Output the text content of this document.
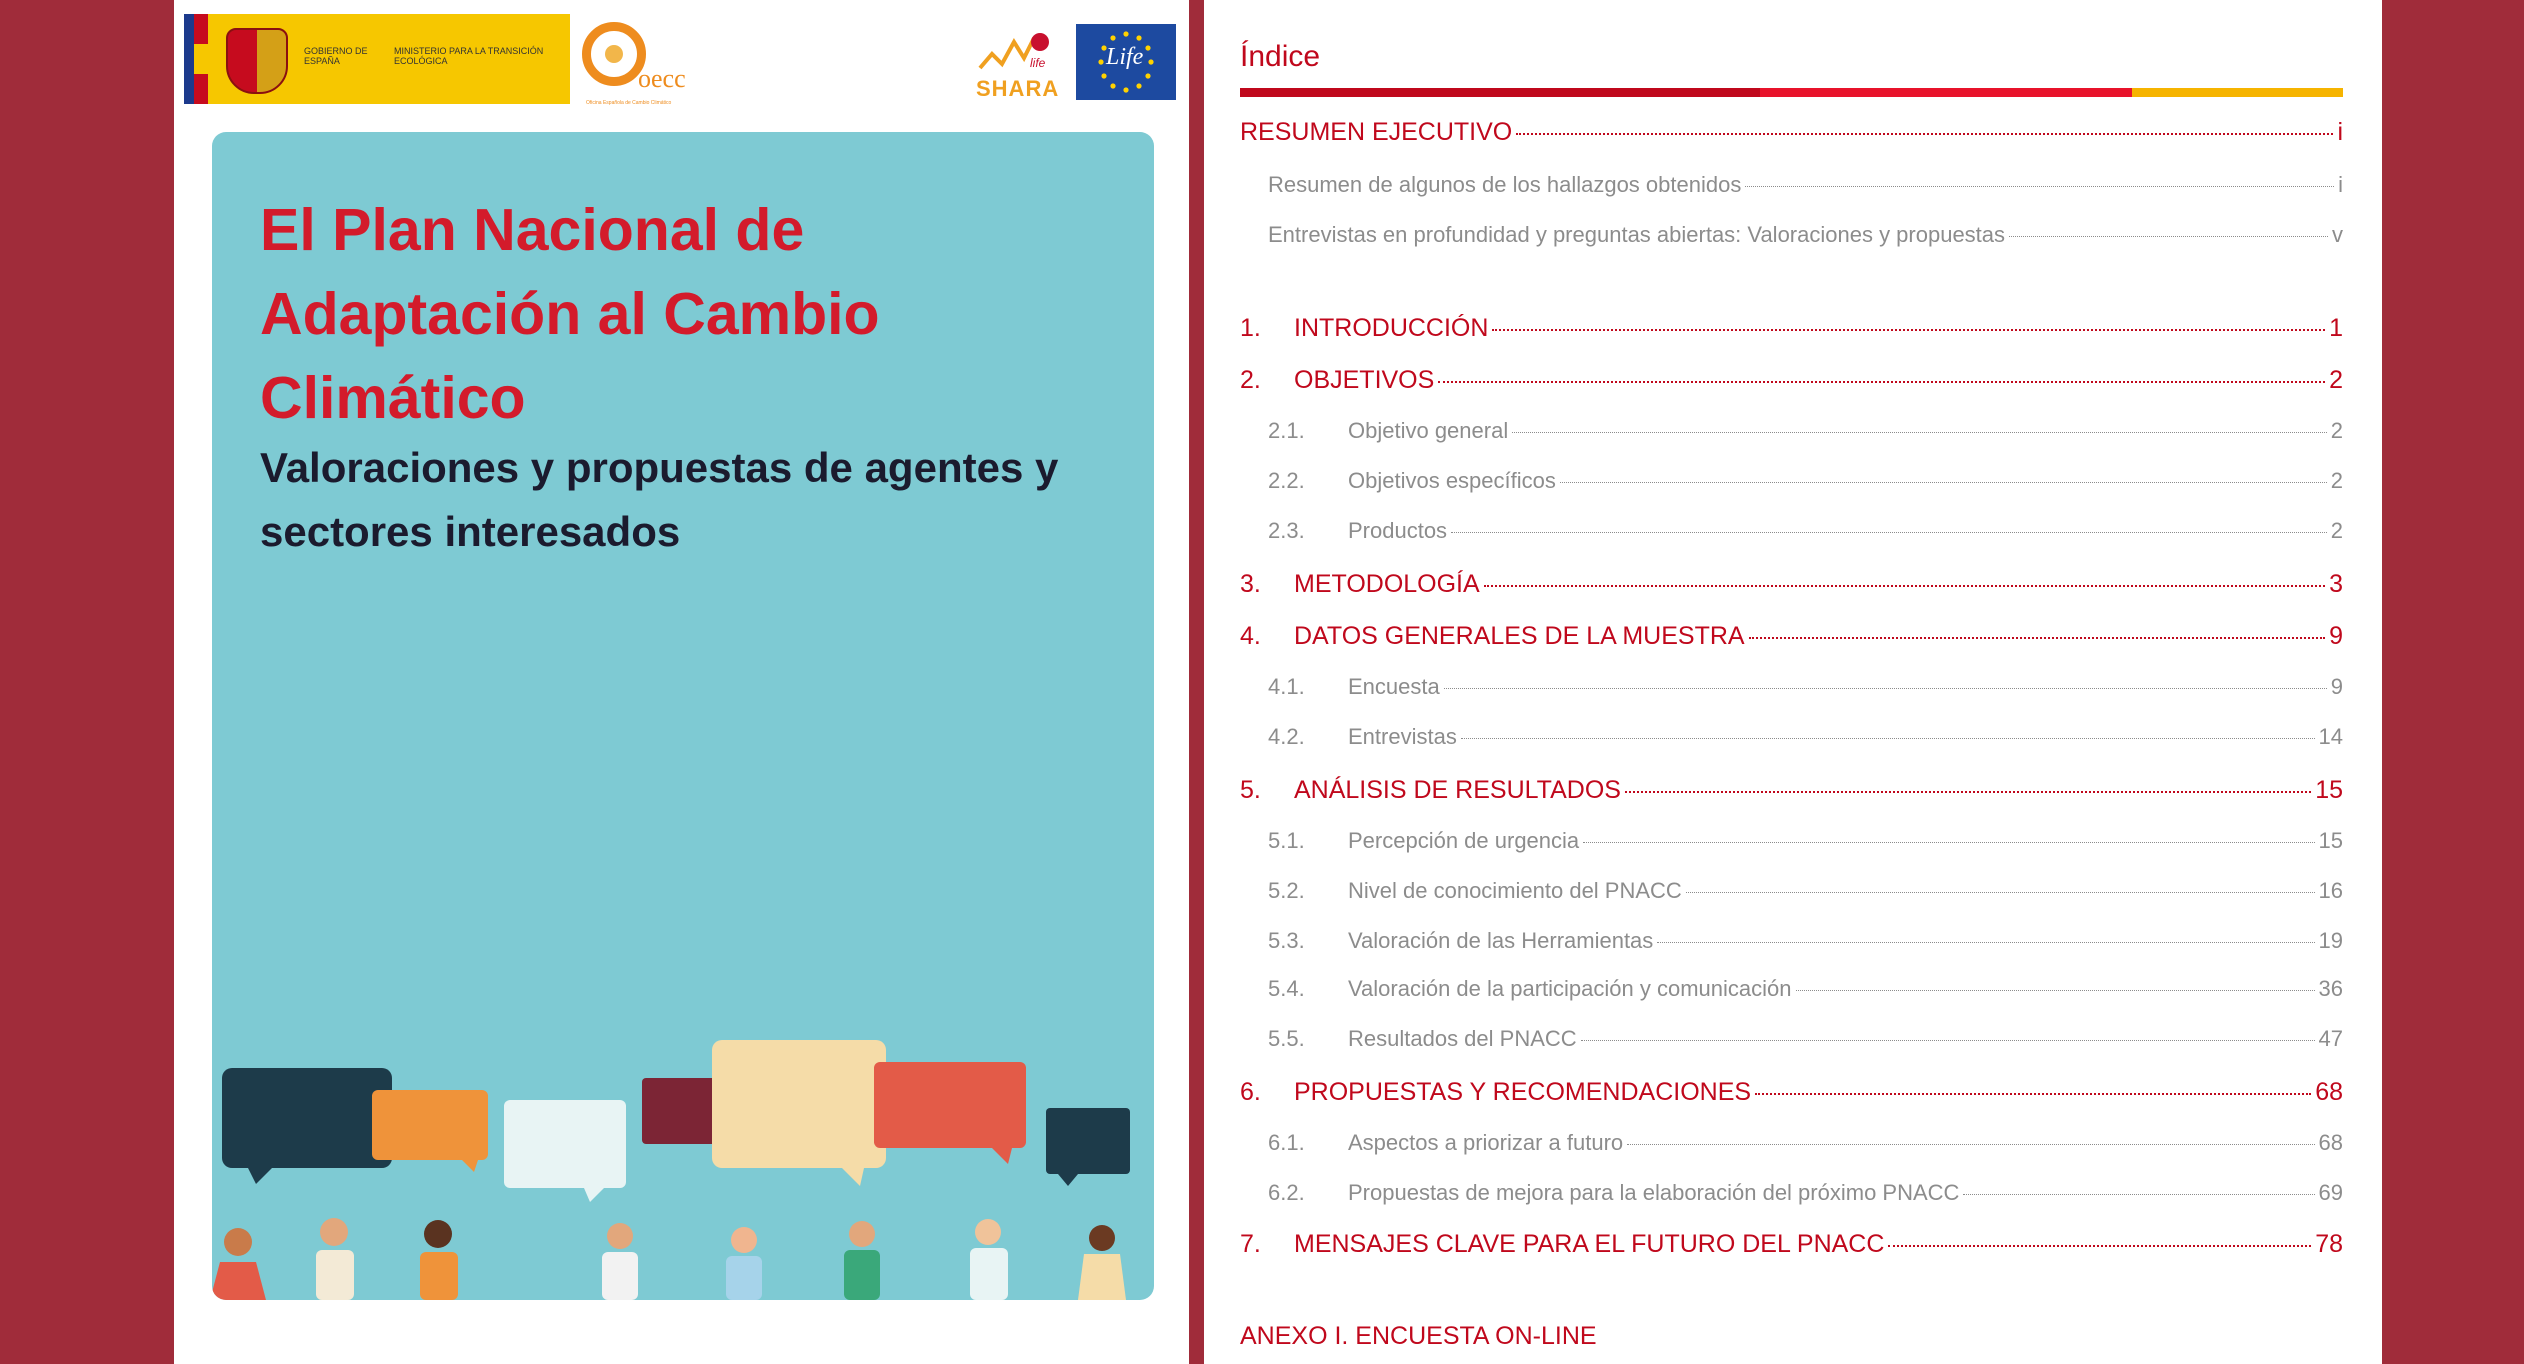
GOBIERNO DE ESPAÑA
MINISTERIO PARA LA TRANSICIÓN ECOLÓGICA
oecc
Oficina Española de Cambio Climático
life
SHARA
Life
El Plan Nacional de Adaptación al Cambio Climático
Valoraciones y propuestas de agentes y sectores interesados
Índice
RESUMEN EJECUTIVO	i
Resumen de algunos de los hallazgos obtenidos	i
Entrevistas en profundidad y preguntas abiertas: Valoraciones y propuestas	v
1.	INTRODUCCIÓN	1
2.	OBJETIVOS	2
2.1.	Objetivo general	2
2.2.	Objetivos específicos	2
2.3.	Productos	2
3.	METODOLOGÍA	3
4.	DATOS GENERALES DE LA MUESTRA	9
4.1.	Encuesta	9
4.2.	Entrevistas	14
5.	ANÁLISIS DE RESULTADOS	15
5.1.	Percepción de urgencia	15
5.2.	Nivel de conocimiento del PNACC	16
5.3.	Valoración de las Herramientas	19
5.4.	Valoración de la participación y comunicación	36
5.5.	Resultados del PNACC	47
6.	PROPUESTAS Y RECOMENDACIONES	68
6.1.	Aspectos a priorizar a futuro	68
6.2.	Propuestas de mejora para la elaboración del próximo PNACC	69
7.	MENSAJES CLAVE PARA EL FUTURO DEL PNACC	78

ANEXO I. ENCUESTA ON-LINE
